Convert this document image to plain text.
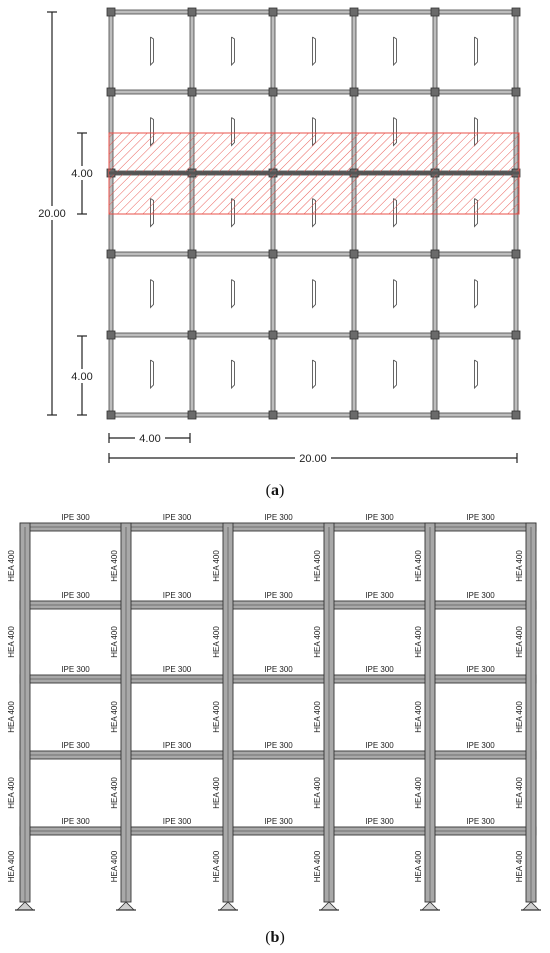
20.00
4.00
4.00
4.00
20.00
(a)
IPE 300	IPE 300	IPE 300	IPE 300	IPE 300
IPE 300	IPE 300	IPE 300	IPE 300	IPE 300
IPE 300	IPE 300	IPE 300	IPE 300	IPE 300
IPE 300	IPE 300	IPE 300	IPE 300	IPE 300
IPE 300	IPE 300	IPE 300	IPE 300	IPE 300
HEA 400	HEA 400	HEA 400	HEA 400	HEA 400	HEA 400
HEA 400	HEA 400	HEA 400	HEA 400	HEA 400	HEA 400
HEA 400	HEA 400	HEA 400	HEA 400	HEA 400	HEA 400
HEA 400	HEA 400	HEA 400	HEA 400	HEA 400	HEA 400
HEA 400	HEA 400	HEA 400	HEA 400	HEA 400	HEA 400
(b)
